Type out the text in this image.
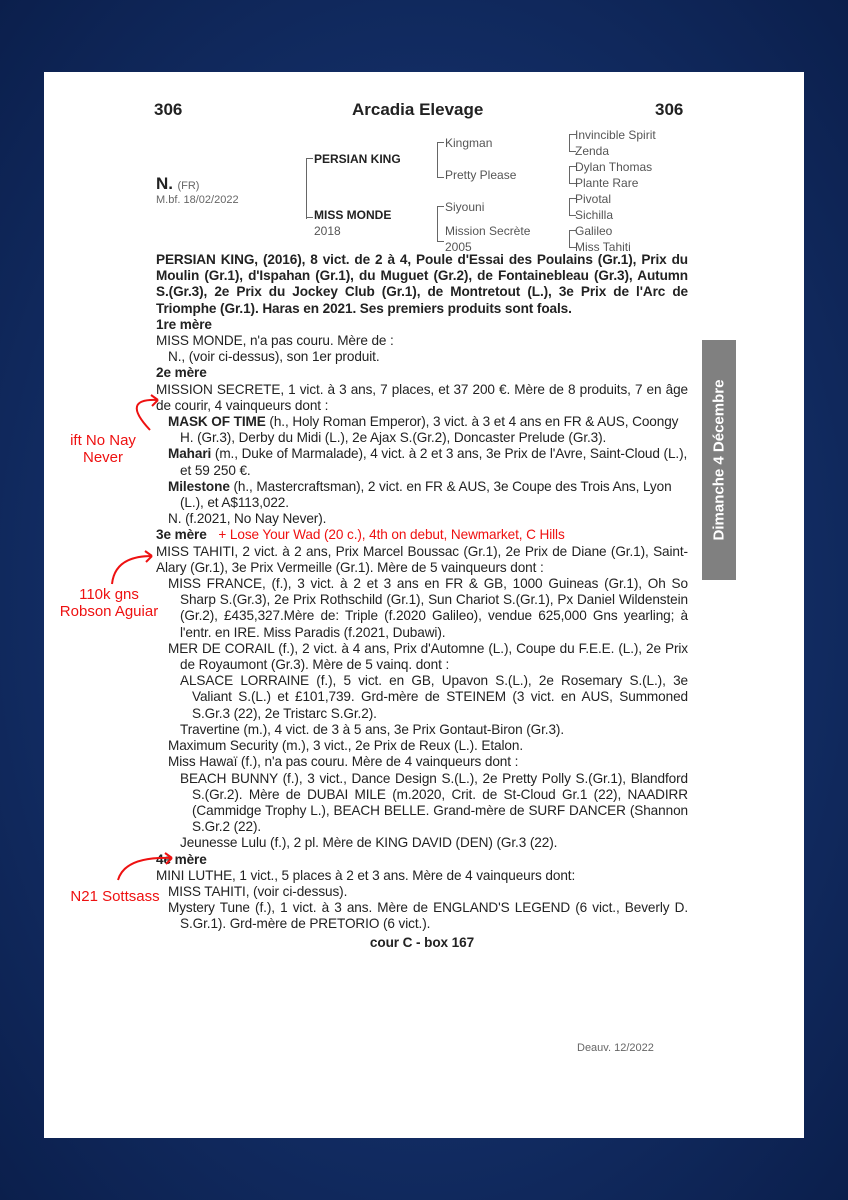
306	Arcadia Elevage	306
N. (FR)
M.bf. 18/02/2022
PERSIAN KING
MISS MONDE
2018
Kingman
Pretty Please
Siyouni
Mission Secrète
2005
Invincible Spirit
Zenda
Dylan Thomas
Plante Rare
Pivotal
Sichilla
Galileo
Miss Tahiti

PERSIAN KING, (2016), 8 vict. de 2 à 4, Poule d'Essai des Poulains (Gr.1), Prix du Moulin (Gr.1), d'Ispahan (Gr.1), du Muguet (Gr.2), de Fontainebleau (Gr.3), Autumn S.(Gr.3), 2e Prix du Jockey Club (Gr.1), de Montretout (L.), 3e Prix de l'Arc de Triomphe (Gr.1). Haras en 2021. Ses premiers produits sont foals.

1re mère

MISS MONDE, n'a pas couru. Mère de :

N., (voir ci-dessus), son 1er produit.

2e mère

MISSION SECRETE, 1 vict. à 3 ans, 7 places, et 37 200 €. Mère de 8 produits, 7 en âge de courir, 4 vainqueurs dont :

MASK OF TIME (h., Holy Roman Emperor), 3 vict. à 3 et 4 ans en FR & AUS, Coongy H. (Gr.3), Derby du Midi (L.), 2e Ajax S.(Gr.2), Doncaster Prelude (Gr.3).

Mahari (m., Duke of Marmalade), 4 vict. à 2 et 3 ans, 3e Prix de l'Avre, Saint-Cloud (L.), et 59 250 €.

Milestone (h., Mastercraftsman), 2 vict. en FR & AUS, 3e Coupe des Trois Ans, Lyon (L.), et A$113,022.

N. (f.2021, No Nay Never).

3e mère + Lose Your Wad (20 c.), 4th on debut, Newmarket, C Hills

MISS TAHITI, 2 vict. à 2 ans, Prix Marcel Boussac (Gr.1), 2e Prix de Diane (Gr.1), Saint-Alary (Gr.1), 3e Prix Vermeille (Gr.1). Mère de 5 vainqueurs dont :

MISS FRANCE, (f.), 3 vict. à 2 et 3 ans en FR & GB, 1000 Guineas (Gr.1), Oh So Sharp S.(Gr.3), 2e Prix Rothschild (Gr.1), Sun Chariot S.(Gr.1), Px Daniel Wildenstein (Gr.2), £435,327.Mère de: Triple (f.2020 Galileo), vendue 625,000 Gns yearling; à l'entr. en IRE. Miss Paradis (f.2021, Dubawi).

MER DE CORAIL (f.), 2 vict. à 4 ans, Prix d'Automne (L.), Coupe du F.E.E. (L.), 2e Prix de Royaumont (Gr.3). Mère de 5 vainq. dont :

ALSACE LORRAINE (f.), 5 vict. en GB, Upavon S.(L.), 2e Rosemary S.(L.), 3e Valiant S.(L.) et £101,739. Grd-mère de STEINEM (3 vict. en AUS, Summoned S.Gr.3 (22), 2e Tristarc S.Gr.2).

Travertine (m.), 4 vict. de 3 à 5 ans, 3e Prix Gontaut-Biron (Gr.3).

Maximum Security (m.), 3 vict., 2e Prix de Reux (L.). Etalon.

Miss Hawaï (f.), n'a pas couru. Mère de 4 vainqueurs dont :

BEACH BUNNY (f.), 3 vict., Dance Design S.(L.), 2e Pretty Polly S.(Gr.1), Blandford S.(Gr.2). Mère de DUBAI MILE (m.2020, Crit. de St-Cloud Gr.1 (22), NAADIRR (Cammidge Trophy L.), BEACH BELLE. Grand-mère de SURF DANCER (Shannon S.Gr.2 (22).

Jeunesse Lulu (f.), 2 pl. Mère de KING DAVID (DEN) (Gr.3 (22).

4e mère

MINI LUTHE, 1 vict., 5 places à 2 et 3 ans. Mère de 4 vainqueurs dont:

MISS TAHITI, (voir ci-dessus).

Mystery Tune (f.), 1 vict. à 3 ans. Mère de ENGLAND'S LEGEND (6 vict., Beverly D. S.Gr.1). Grd-mère de PRETORIO (6 vict.).

cour C - box 167

Deauv. 12/2022
Dimanche 4 Décembre
ift No Nay
Never
110k gns
Robson Aguiar
N21 Sottsass
